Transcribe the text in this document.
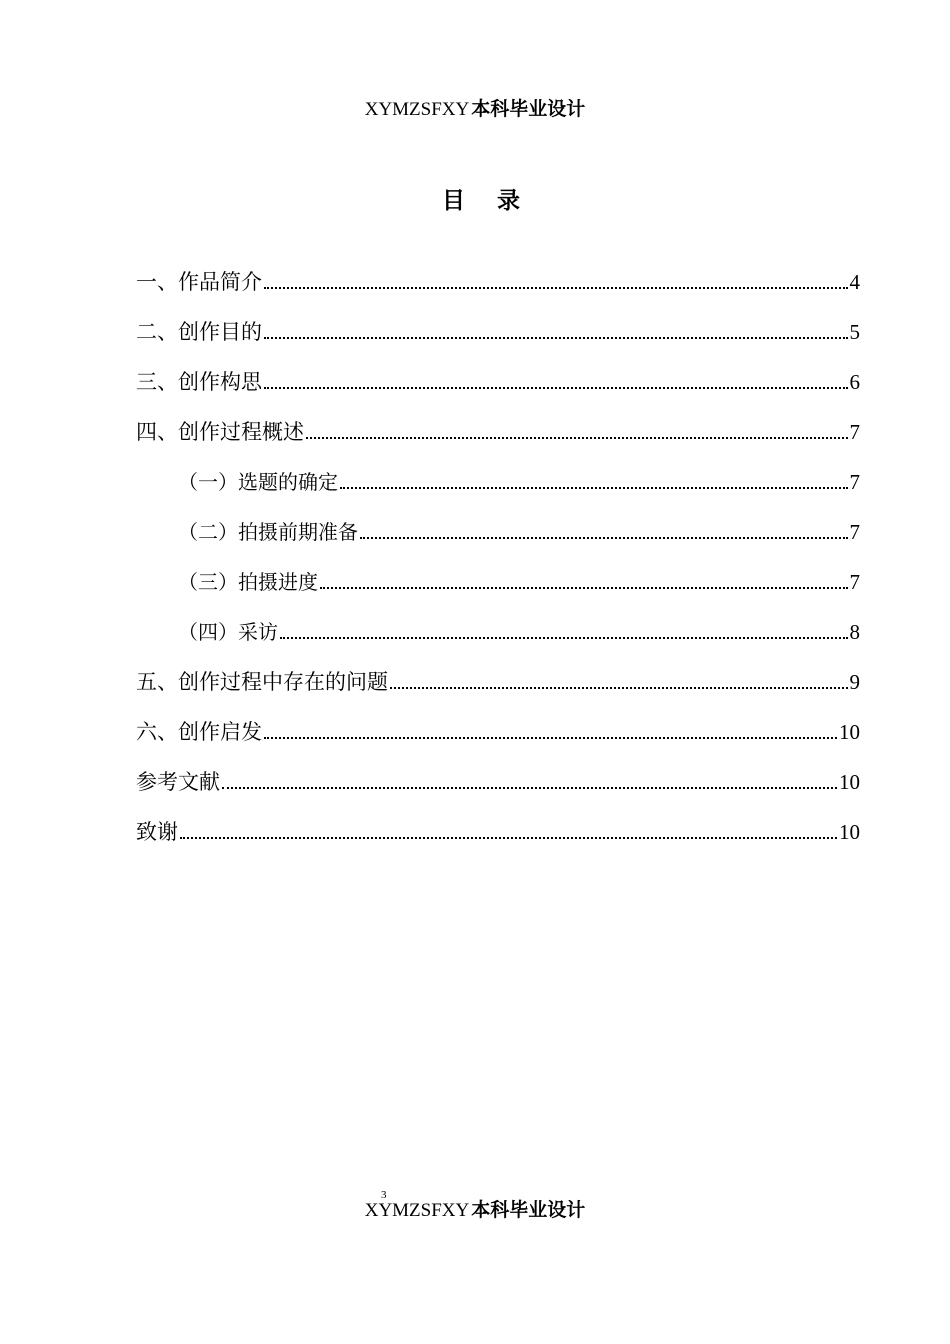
XYMZSFXY 本科毕业设计
目 录
一、作品简介	4
二、创作目的	5
三、创作构思	6
四、创作过程概述	7
（一）选题的确定	7
（二）拍摄前期准备	7
（三）拍摄进度	7
（四）采访	8
五、创作过程中存在的问题	9
六、创作启发	10
参考文献	10
致谢	10
3
XYMZSFXY 本科毕业设计
